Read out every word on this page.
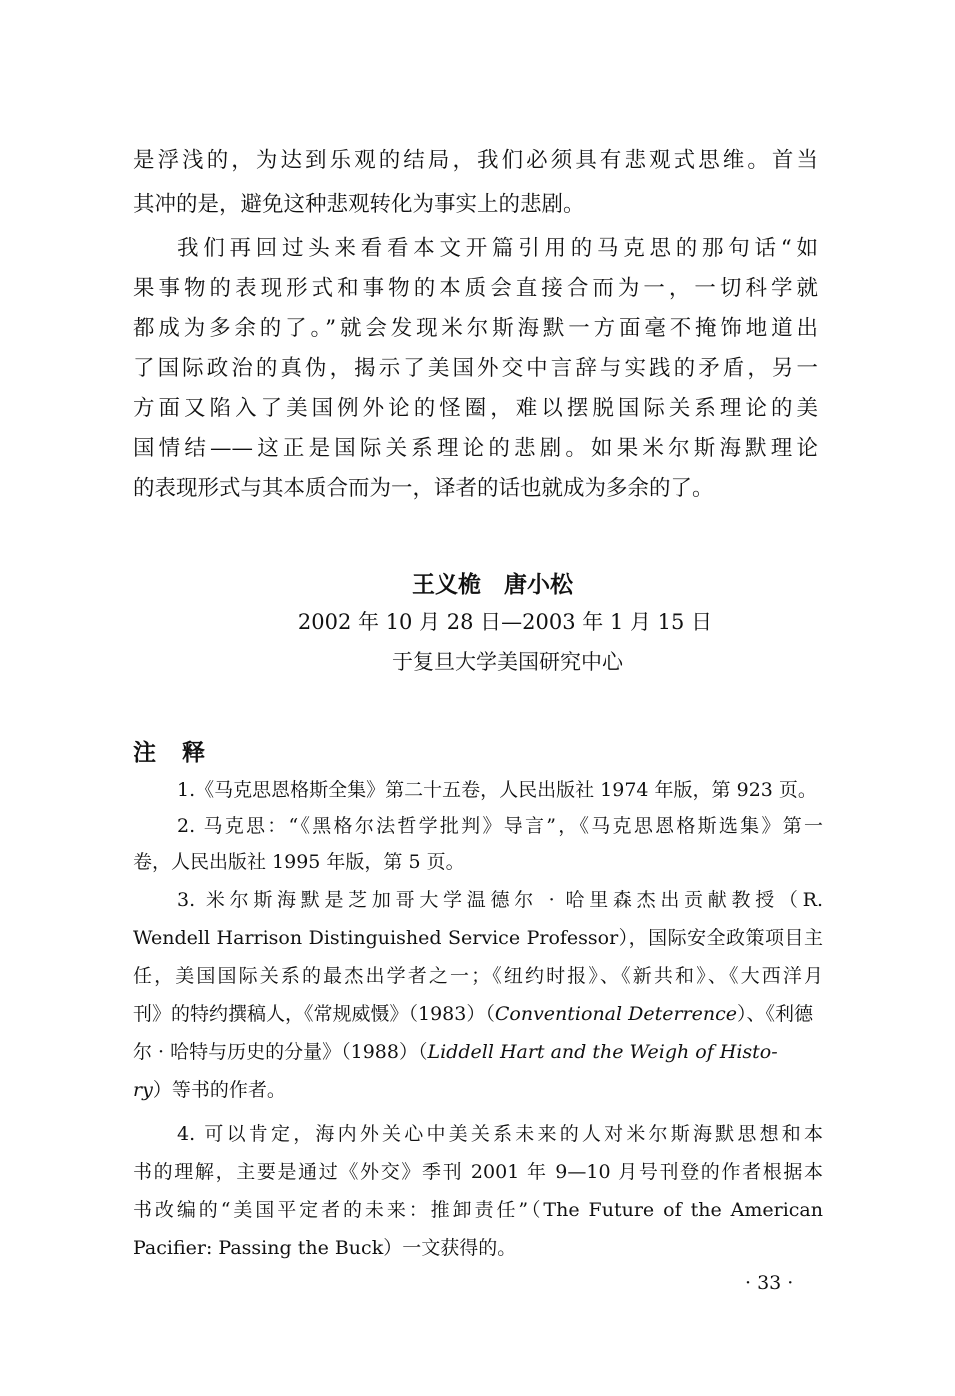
是浮浅的，为达到乐观的结局，我们必须具有悲观式思维。首当
其冲的是，避免这种悲观转化为事实上的悲剧。
我们再回过头来看看本文开篇引用的马克思的那句话“如
果事物的表现形式和事物的本质会直接合而为一，一切科学就
都成为多余的了。”就会发现米尔斯海默一方面毫不掩饰地道出
了国际政治的真伪，揭示了美国外交中言辞与实践的矛盾，另一
方面又陷入了美国例外论的怪圈，难以摆脱国际关系理论的美
国情结——这正是国际关系理论的悲剧。如果米尔斯海默理论
的表现形式与其本质合而为一，译者的话也就成为多余的了。
王义桅　唐小松
2002 年 10 月 28 日—2003 年 1 月 15 日
于复旦大学美国研究中心
注释
1.《马克思恩格斯全集》第二十五卷，人民出版社 1974 年版，第 923 页。
2. 马克思：“《黑格尔法哲学批判》导言”，《马克思恩格斯选集》第一
卷，人民出版社 1995 年版，第 5 页。
3. 米尔斯海默是芝加哥大学温德尔 · 哈里森杰出贡献教授（R.
Wendell Harrison Distinguished Service Professor），国际安全政策项目主
任，美国国际关系的最杰出学者之一；《纽约时报》、《新共和》、《大西洋月
刊》的特约撰稿人，《常规威慑》（1983）（Conventional Deterrence）、《利德
尔 · 哈特与历史的分量》（1988）（Liddell Hart and the Weigh of Histo-
ry）等书的作者。
4. 可以肯定，海内外关心中美关系未来的人对米尔斯海默思想和本
书的理解，主要是通过《外交》季刊 2001 年 9—10 月号刊登的作者根据本
书改编的“美国平定者的未来：推卸责任”（The Future of the American
Pacifier: Passing the Buck）一文获得的。
· 33 ·
